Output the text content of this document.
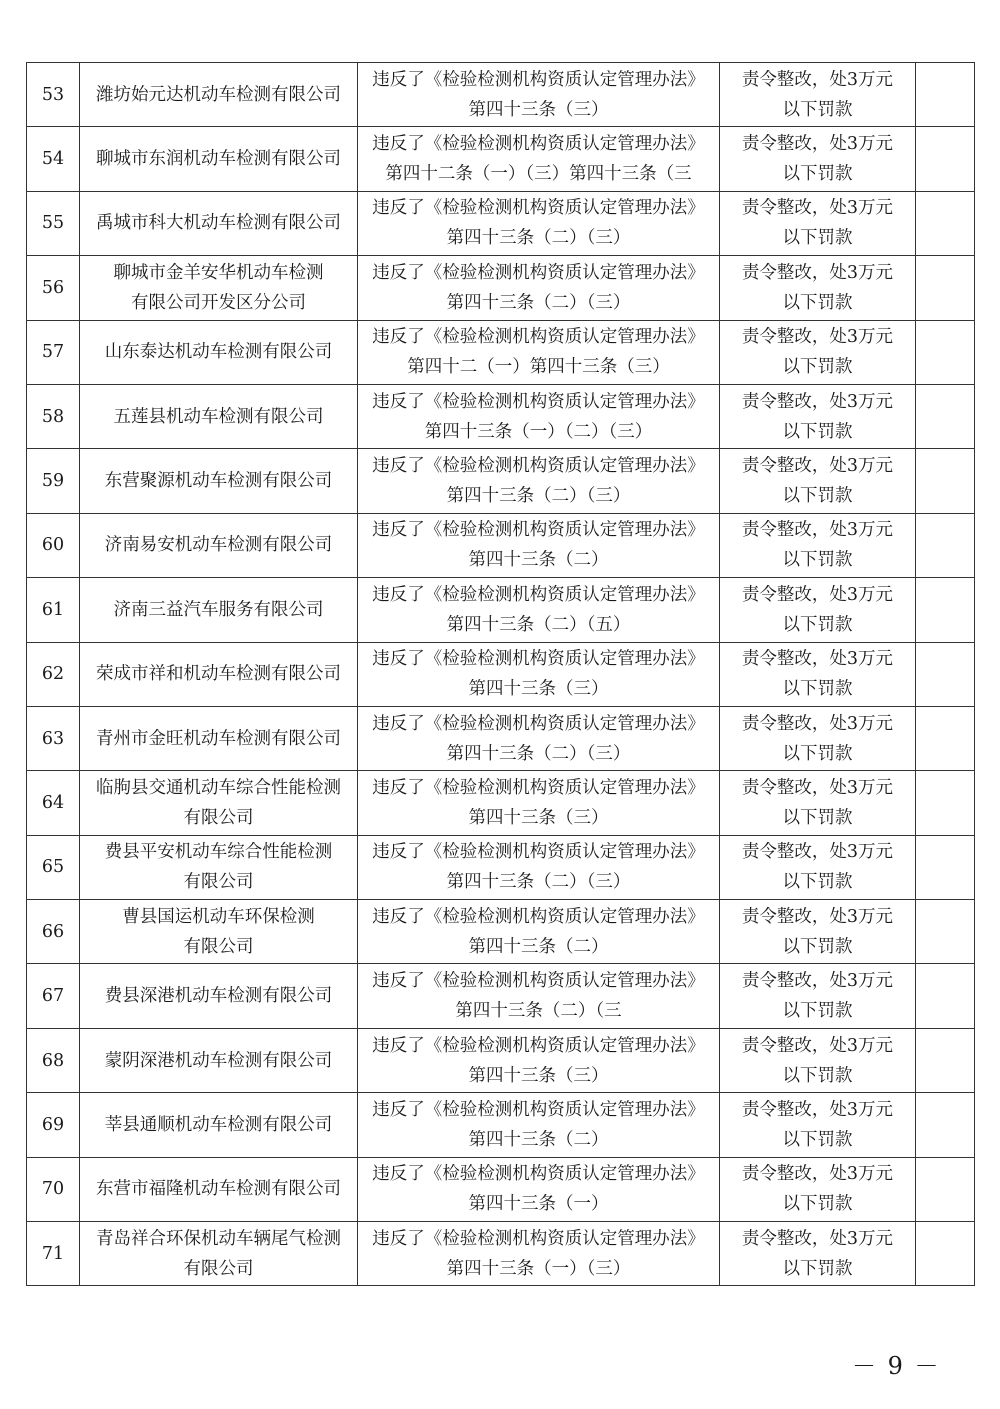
53	潍坊始元达机动车检测有限公司	违反了《检验检测机构资质认定管理办法》
第四十三条（三）	责令整改，处3万元
以下罚款	

54	聊城市东润机动车检测有限公司	违反了《检验检测机构资质认定管理办法》
第四十二条（一）（三）第四十三条（三	责令整改，处3万元
以下罚款	

55	禹城市科大机动车检测有限公司	违反了《检验检测机构资质认定管理办法》
第四十三条（二）（三）	责令整改，处3万元
以下罚款	

56	聊城市金羊安华机动车检测
有限公司开发区分公司	违反了《检验检测机构资质认定管理办法》
第四十三条（二）（三）	责令整改，处3万元
以下罚款	

57	山东泰达机动车检测有限公司	违反了《检验检测机构资质认定管理办法》
第四十二（一）第四十三条（三）	责令整改，处3万元
以下罚款	

58	五莲县机动车检测有限公司	违反了《检验检测机构资质认定管理办法》
第四十三条（一）（二）（三）	责令整改，处3万元
以下罚款	

59	东营聚源机动车检测有限公司	违反了《检验检测机构资质认定管理办法》
第四十三条（二）（三）	责令整改，处3万元
以下罚款	

60	济南易安机动车检测有限公司	违反了《检验检测机构资质认定管理办法》
第四十三条（二）	责令整改，处3万元
以下罚款	

61	济南三益汽车服务有限公司	违反了《检验检测机构资质认定管理办法》
第四十三条（二）（五）	责令整改，处3万元
以下罚款	

62	荣成市祥和机动车检测有限公司	违反了《检验检测机构资质认定管理办法》
第四十三条（三）	责令整改，处3万元
以下罚款	

63	青州市金旺机动车检测有限公司	违反了《检验检测机构资质认定管理办法》
第四十三条（二）（三）	责令整改，处3万元
以下罚款	

64	临朐县交通机动车综合性能检测
有限公司	违反了《检验检测机构资质认定管理办法》
第四十三条（三）	责令整改，处3万元
以下罚款	

65	费县平安机动车综合性能检测
有限公司	违反了《检验检测机构资质认定管理办法》
第四十三条（二）（三）	责令整改，处3万元
以下罚款	

66	曹县国运机动车环保检测
有限公司	违反了《检验检测机构资质认定管理办法》
第四十三条（二）	责令整改，处3万元
以下罚款	

67	费县深港机动车检测有限公司	违反了《检验检测机构资质认定管理办法》
第四十三条（二）（三	责令整改，处3万元
以下罚款	

68	蒙阴深港机动车检测有限公司	违反了《检验检测机构资质认定管理办法》
第四十三条（三）	责令整改，处3万元
以下罚款	

69	莘县通顺机动车检测有限公司	违反了《检验检测机构资质认定管理办法》
第四十三条（二）	责令整改，处3万元
以下罚款	

70	东营市福隆机动车检测有限公司	违反了《检验检测机构资质认定管理办法》
第四十三条（一）	责令整改，处3万元
以下罚款	

71	青岛祥合环保机动车辆尾气检测
有限公司	违反了《检验检测机构资质认定管理办法》
第四十三条（一）（三）	责令整改，处3万元
以下罚款	

－ 9 －
